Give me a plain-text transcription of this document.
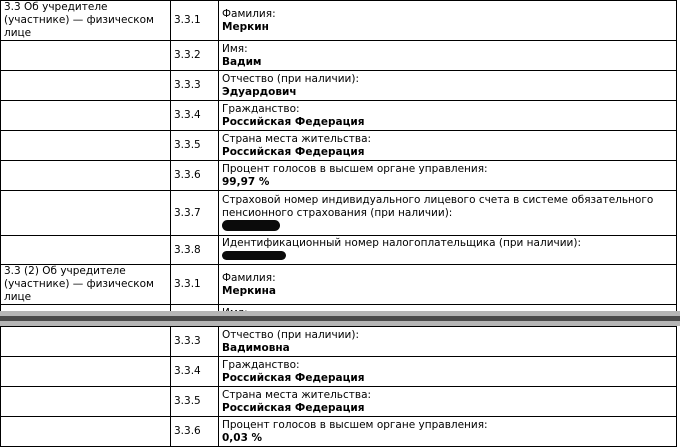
3.3 Об учредителе (участнике) — физическом лице	3.3.1	Фамилия:
Меркин

	3.3.2	Имя:
Вадим

	3.3.3	Отчество (при наличии):
Эдуардович

	3.3.4	Гражданство:
Российская Федерация

	3.3.5	Страна места жительства:
Российская Федерация

	3.3.6	Процент голосов в высшем органе управления:
99,97 %

	3.3.7	Страховой номер индивидуального лицевого счета в системе обязательного пенсионного страхования (при наличии):

	3.3.8	Идентификационный номер налогоплательщика (при наличии):

3.3 (2) Об учредителе (участнике) — физическом лице	3.3.1	Фамилия:
Меркина

	3.3.3	Отчество (при наличии):
Вадимовна

	3.3.4	Гражданство:
Российская Федерация

	3.3.5	Страна места жительства:
Российская Федерация

	3.3.6	Процент голосов в высшем органе управления:
0,03 %
